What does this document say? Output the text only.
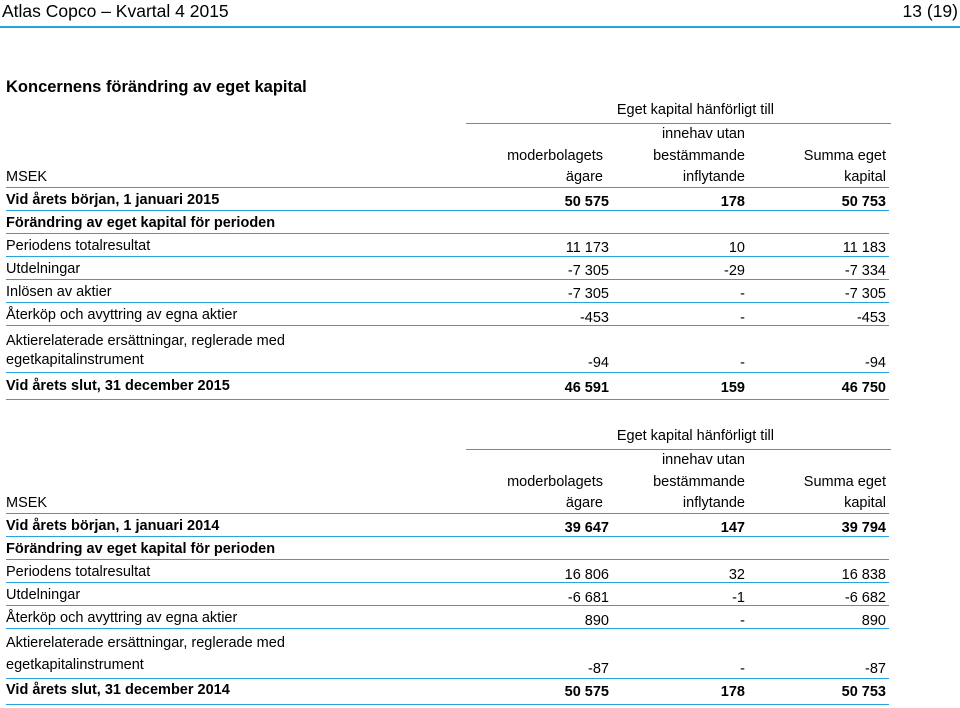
Atlas Copco – Kvartal 4 2015	13 (19)
Koncernens förändring av eget kapital
Eget kapital hänförligt till
innehav utan
moderbolagets	bestämmande	Summa eget
MSEK	ägare	inflytande	kapital
Vid årets början, 1 januari 2015	50 575	178	50 753
Förändring av eget kapital för perioden
Periodens totalresultat	11 173	10	11 183
Utdelningar	-7 305	-29	-7 334
Inlösen av aktier	-7 305	-	-7 305
Återköp och avyttring av egna aktier	-453	-	-453
Aktierelaterade ersättningar, reglerade med
egetkapitalinstrument	-94	-	-94
Vid årets slut, 31 december 2015	46 591	159	46 750
Eget kapital hänförligt till
innehav utan
moderbolagets	bestämmande	Summa eget
MSEK	ägare	inflytande	kapital
Vid årets början, 1 januari 2014	39 647	147	39 794
Förändring av eget kapital för perioden
Periodens totalresultat	16 806	32	16 838
Utdelningar	-6 681	-1	-6 682
Återköp och avyttring av egna aktier	890	-	890
Aktierelaterade ersättningar, reglerade med
egetkapitalinstrument	-87	-	-87
Vid årets slut, 31 december 2014	50 575	178	50 753
